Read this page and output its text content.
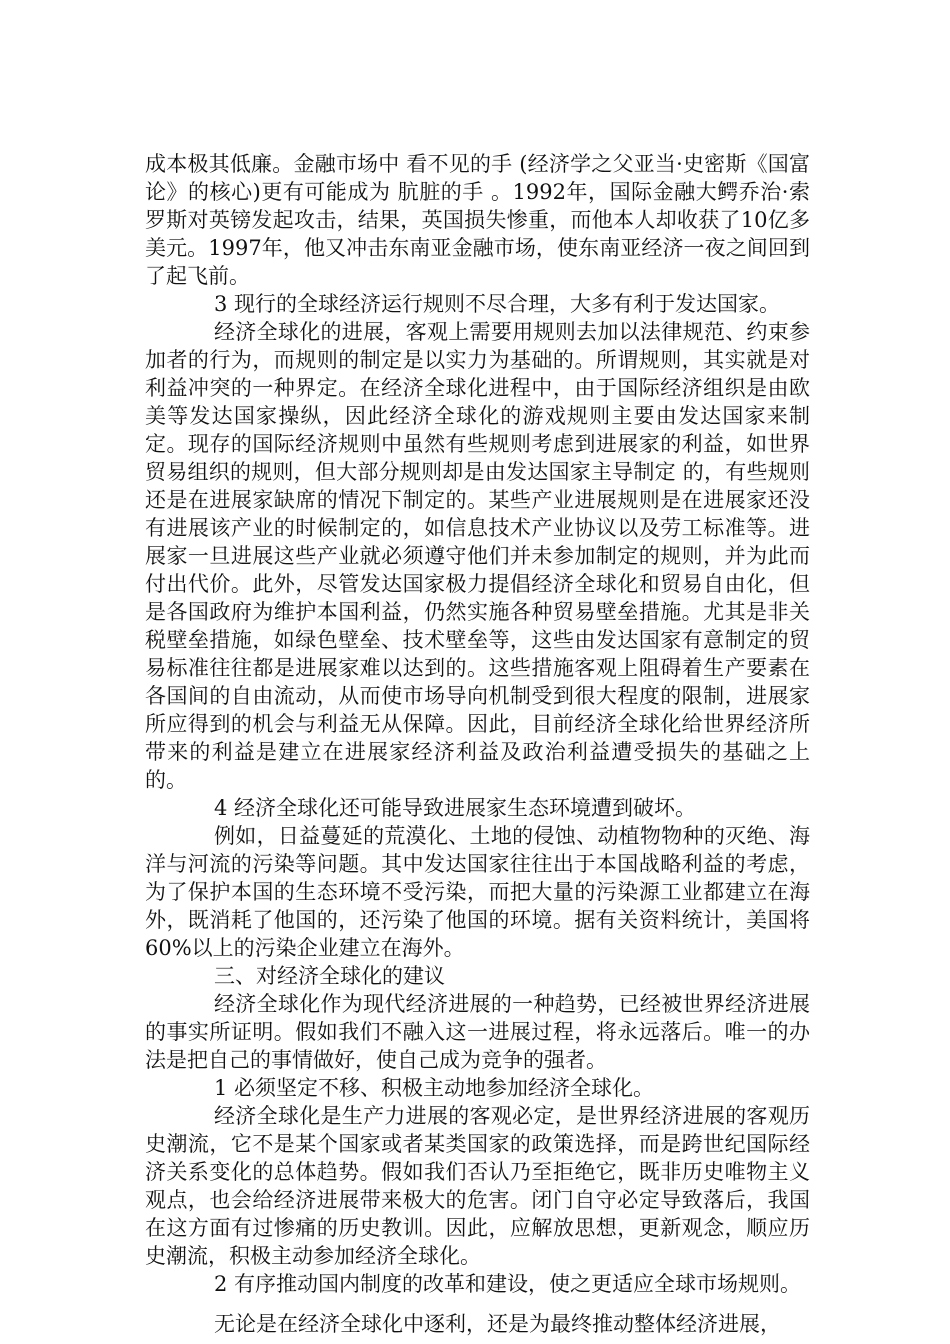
成本极其低廉。金融市场中 看不见的手 (经济学之父亚当·史密斯《国富论》的核心)更有可能成为 肮脏的手 。1992年，国际金融大鳄乔治·索罗斯对英镑发起攻击，结果，英国损失惨重，而他本人却收获了10亿多美元。1997年，他又冲击东南亚金融市场，使东南亚经济一夜之间回到了起飞前。

3 现行的全球经济运行规则不尽合理，大多有利于发达国家。

经济全球化的进展，客观上需要用规则去加以法律规范、约束参加者的行为，而规则的制定是以实力为基础的。所谓规则，其实就是对利益冲突的一种界定。在经济全球化进程中，由于国际经济组织是由欧美等发达国家操纵，因此经济全球化的游戏规则主要由发达国家来制定。现存的国际经济规则中虽然有些规则考虑到进展家的利益，如世界贸易组织的规则，但大部分规则却是由发达国家主导制定 的，有些规则还是在进展家缺席的情况下制定的。某些产业进展规则是在进展家还没有进展该产业的时候制定的，如信息技术产业协议以及劳工标准等。进展家一旦进展这些产业就必须遵守他们并未参加制定的规则，并为此而付出代价。此外，尽管发达国家极力提倡经济全球化和贸易自由化，但是各国政府为维护本国利益，仍然实施各种贸易壁垒措施。尤其是非关税壁垒措施，如绿色壁垒、技术壁垒等，这些由发达国家有意制定的贸易标准往往都是进展家难以达到的。这些措施客观上阻碍着生产要素在各国间的自由流动，从而使市场导向机制受到很大程度的限制，进展家所应得到的机会与利益无从保障。因此，目前经济全球化给世界经济所带来的利益是建立在进展家经济利益及政治利益遭受损失的基础之上的。

4 经济全球化还可能导致进展家生态环境遭到破坏。

例如，日益蔓延的荒漠化、土地的侵蚀、动植物物种的灭绝、海洋与河流的污染等问题。其中发达国家往往出于本国战略利益的考虑，为了保护本国的生态环境不受污染，而把大量的污染源工业都建立在海外，既消耗了他国的，还污染了他国的环境。据有关资料统计，美国将60%以上的污染企业建立在海外。

三、对经济全球化的建议

经济全球化作为现代经济进展的一种趋势，已经被世界经济进展的事实所证明。假如我们不融入这一进展过程，将永远落后。唯一的办法是把自己的事情做好，使自己成为竞争的强者。

1 必须坚定不移、积极主动地参加经济全球化。

经济全球化是生产力进展的客观必定，是世界经济进展的客观历史潮流，它不是某个国家或者某类国家的政策选择，而是跨世纪国际经济关系变化的总体趋势。假如我们否认乃至拒绝它，既非历史唯物主义观点，也会给经济进展带来极大的危害。闭门自守必定导致落后，我国在这方面有过惨痛的历史教训。因此，应解放思想，更新观念，顺应历史潮流，积极主动参加经济全球化。

2 有序推动国内制度的改革和建设，使之更适应全球市场规则。

无论是在经济全球化中逐利，还是为最终推动整体经济进展，
